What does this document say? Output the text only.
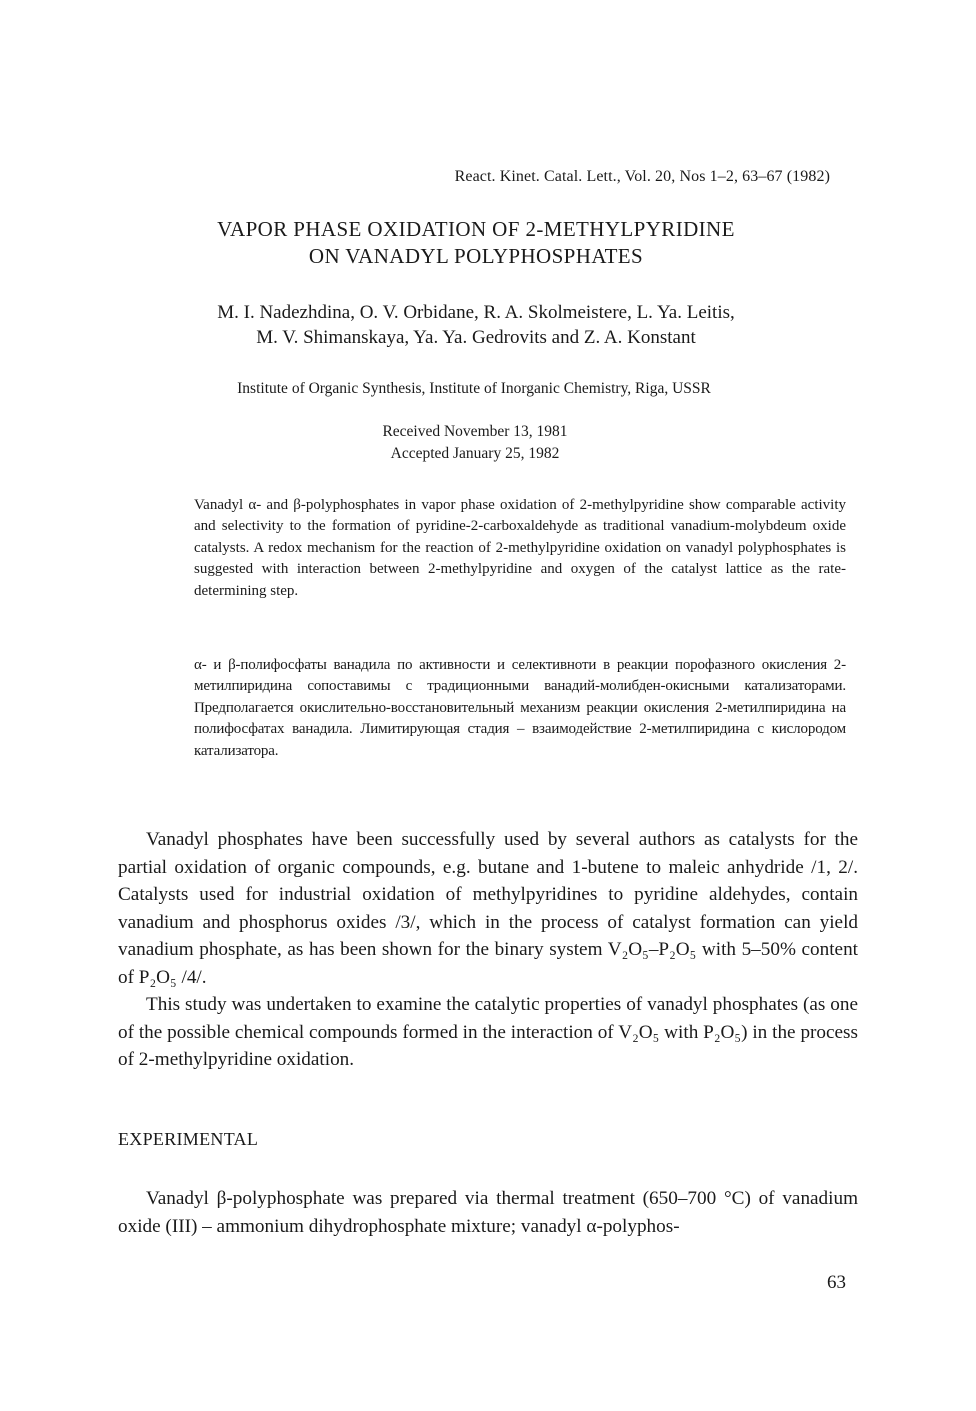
React. Kinet. Catal. Lett., Vol. 20, Nos 1–2, 63–67 (1982)
VAPOR PHASE OXIDATION OF 2-METHYLPYRIDINE
ON VANADYL POLYPHOSPHATES
M. I. Nadezhdina, O. V. Orbidane, R. A. Skolmeistere, L. Ya. Leitis,
M. V. Shimanskaya, Ya. Ya. Gedrovits and Z. A. Konstant
Institute of Organic Synthesis, Institute of Inorganic Chemistry, Riga, USSR
Received November 13, 1981
Accepted January 25, 1982

Vanadyl α- and β-polyphosphates in vapor phase oxidation of 2-methylpyridine show comparable activity and selectivity to the formation of pyridine-2-carboxaldehyde as traditional vanadium-molybdeum oxide catalysts. A redox mechanism for the reaction of 2-methylpyridine oxidation on vanadyl polyphosphates is suggested with interaction between 2-methylpyridine and oxygen of the catalyst lattice as the rate-determining step.

α- и β-полифосфаты ванадила по активности и селективноти в реакции порофазного окисления 2-метилпиридина сопоставимы с традиционными ванадий-молибден-окисными катализаторами. Предполагается окислительно-восстановительный механизм реакции окисления 2-метилпиридина на полифосфатах ванадила. Лимитирующая стадия – взаимодействие 2-метилпиридина с кислородом катализатора.

Vanadyl phosphates have been successfully used by several authors as catalysts for the partial oxidation of organic compounds, e.g. butane and 1-butene to maleic anhydride /1, 2/. Catalysts used for industrial oxidation of methylpyridines to pyridine aldehydes, contain vanadium and phosphorus oxides /3/, which in the process of catalyst formation can yield vanadium phosphate, as has been shown for the binary system V₂O₅–P₂O₅ with 5–50% content of P₂O₅ /4/.

This study was undertaken to examine the catalytic properties of vanadyl phosphates (as one of the possible chemical compounds formed in the interaction of V₂O₅ with P₂O₅) in the process of 2-methylpyridine oxidation.

EXPERIMENTAL

Vanadyl β-polyphosphate was prepared via thermal treatment (650–700 °C) of vanadium oxide (III) – ammonium dihydrophosphate mixture; vanadyl α-polyphos-

63
